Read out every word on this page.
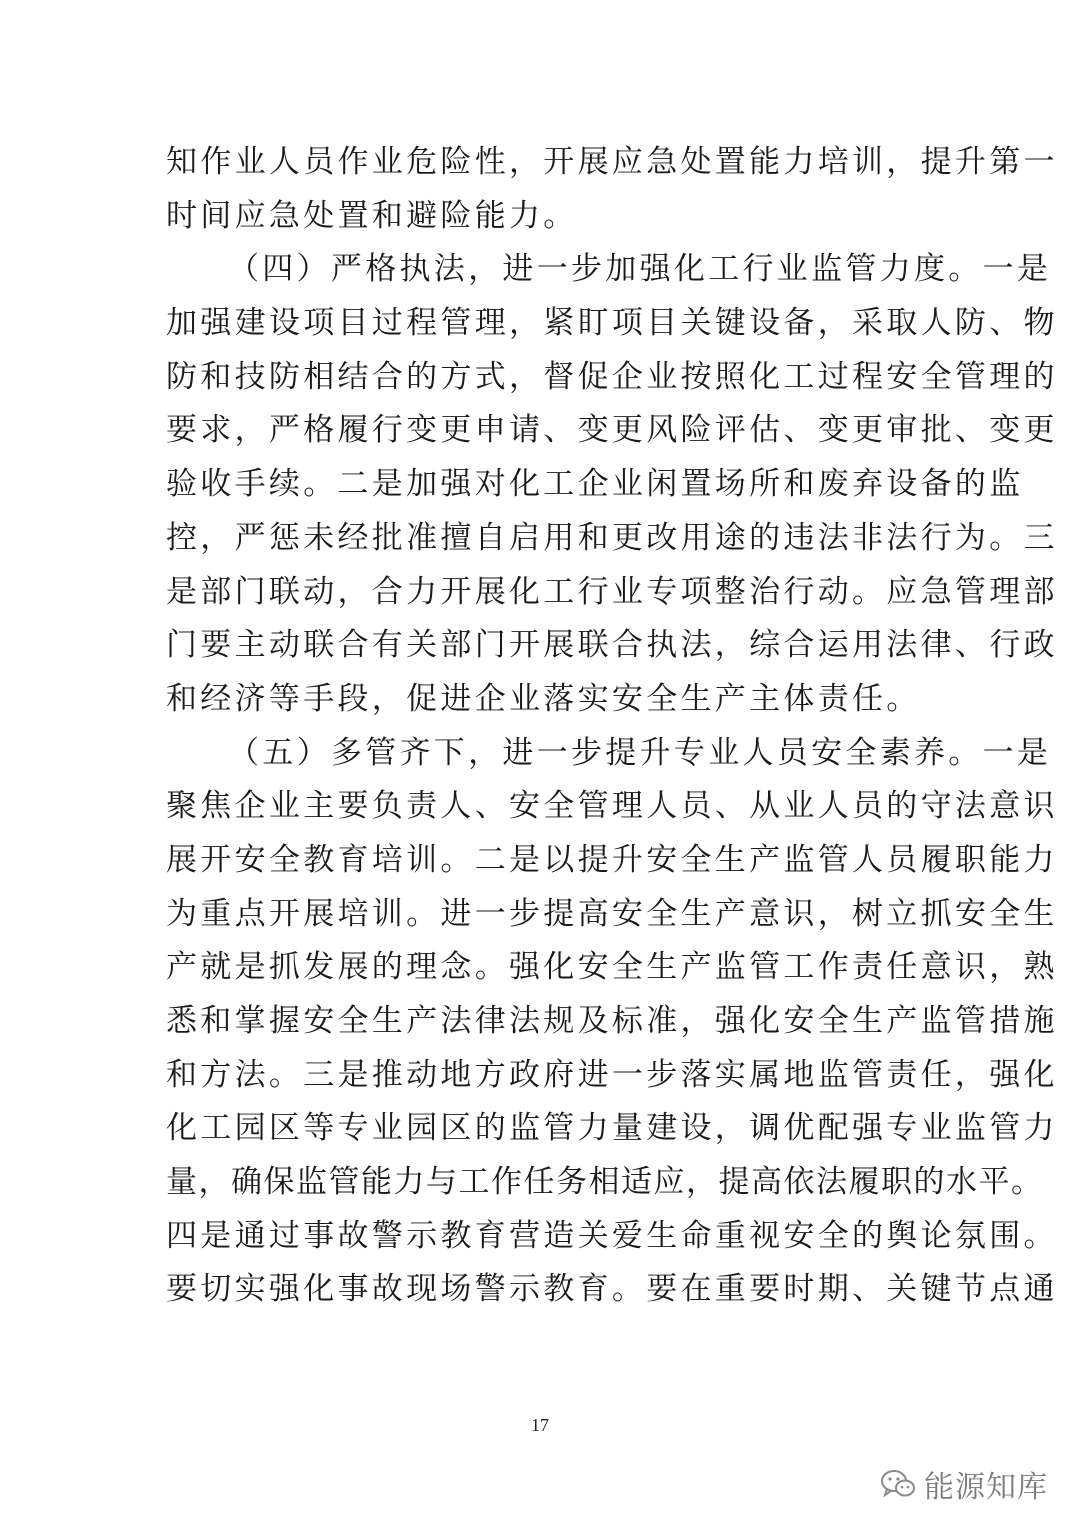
知作业人员作业危险性，开展应急处置能力培训，提升第一
时间应急处置和避险能力。
（四）严格执法，进一步加强化工行业监管力度。一是
加强建设项目过程管理，紧盯项目关键设备，采取人防、物
防和技防相结合的方式，督促企业按照化工过程安全管理的
要求，严格履行变更申请、变更风险评估、变更审批、变更
验收手续。二是加强对化工企业闲置场所和废弃设备的监
控，严惩未经批准擅自启用和更改用途的违法非法行为。三
是部门联动，合力开展化工行业专项整治行动。应急管理部
门要主动联合有关部门开展联合执法，综合运用法律、行政
和经济等手段，促进企业落实安全生产主体责任。
（五）多管齐下，进一步提升专业人员安全素养。一是
聚焦企业主要负责人、安全管理人员、从业人员的守法意识
展开安全教育培训。二是以提升安全生产监管人员履职能力
为重点开展培训。进一步提高安全生产意识，树立抓安全生
产就是抓发展的理念。强化安全生产监管工作责任意识，熟
悉和掌握安全生产法律法规及标准，强化安全生产监管措施
和方法。三是推动地方政府进一步落实属地监管责任，强化
化工园区等专业园区的监管力量建设，调优配强专业监管力
量，确保监管能力与工作任务相适应，提高依法履职的水平。
四是通过事故警示教育营造关爱生命重视安全的舆论氛围。
要切实强化事故现场警示教育。要在重要时期、关键节点通
17
能源知库
